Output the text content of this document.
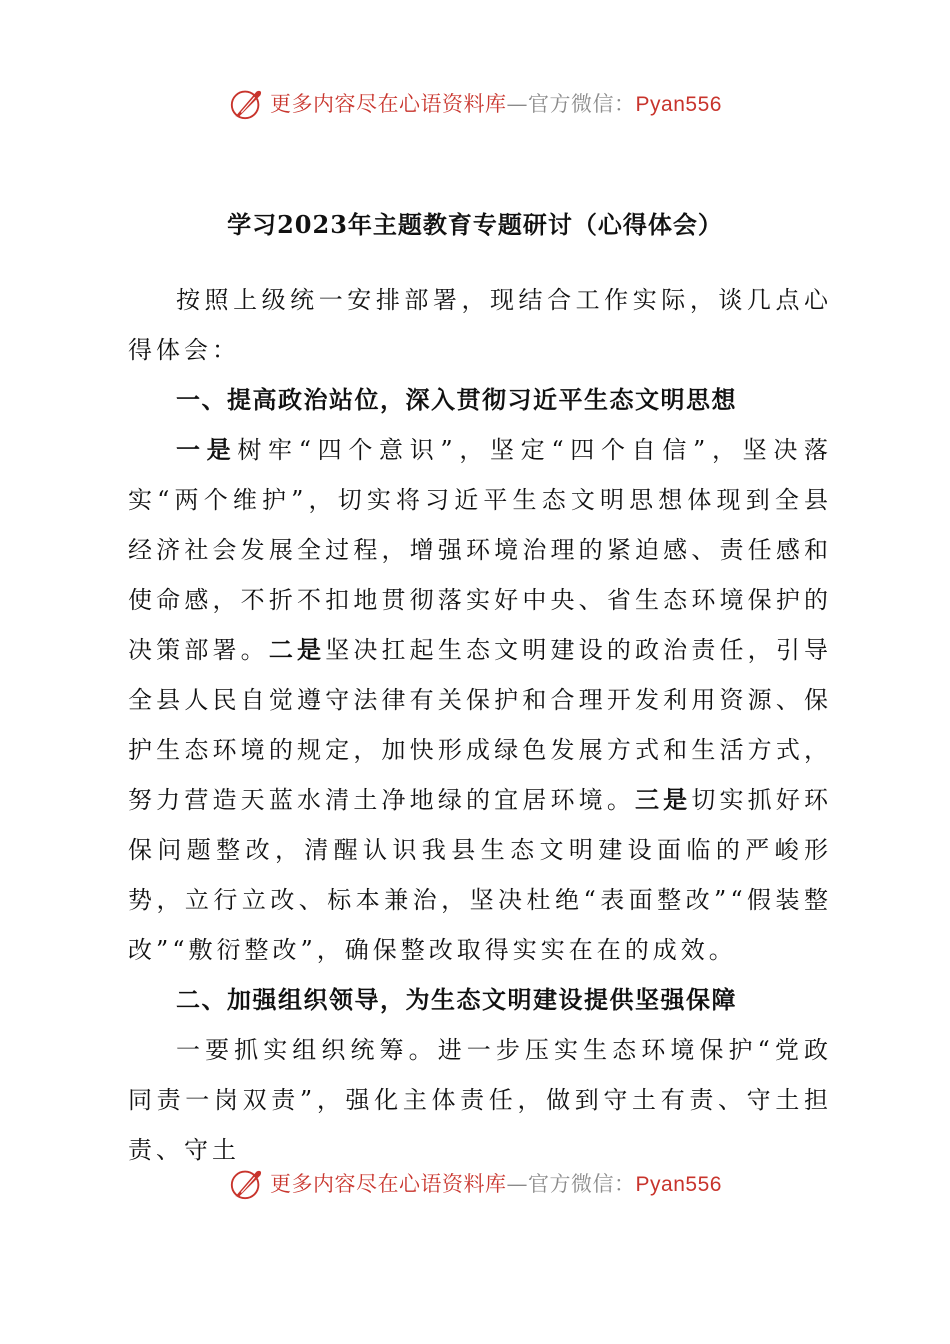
更多内容尽在心语资料库—官方微信：Pyan556
学习2023年主题教育专题研讨（心得体会）

按照上级统一安排部署，现结合工作实际，谈几点心得体会：

一、提高政治站位，深入贯彻习近平生态文明思想

一是树牢“四个意识”，坚定“四个自信”，坚决落实“两个维护”，切实将习近平生态文明思想体现到全县经济社会发展全过程，增强环境治理的紧迫感、责任感和使命感，不折不扣地贯彻落实好中央、省生态环境保护的决策部署。二是坚决扛起生态文明建设的政治责任，引导全县人民自觉遵守法律有关保护和合理开发利用资源、保护生态环境的规定，加快形成绿色发展方式和生活方式，努力营造天蓝水清土净地绿的宜居环境。三是切实抓好环保问题整改，清醒认识我县生态文明建设面临的严峻形势，立行立改、标本兼治，坚决杜绝“表面整改”“假装整改”“敷衍整改”，确保整改取得实实在在的成效。

二、加强组织领导，为生态文明建设提供坚强保障

一要抓实组织统筹。进一步压实生态环境保护“党政同责一岗双责”，强化主体责任，做到守土有责、守土担责、守土

更多内容尽在心语资料库—官方微信：Pyan556
